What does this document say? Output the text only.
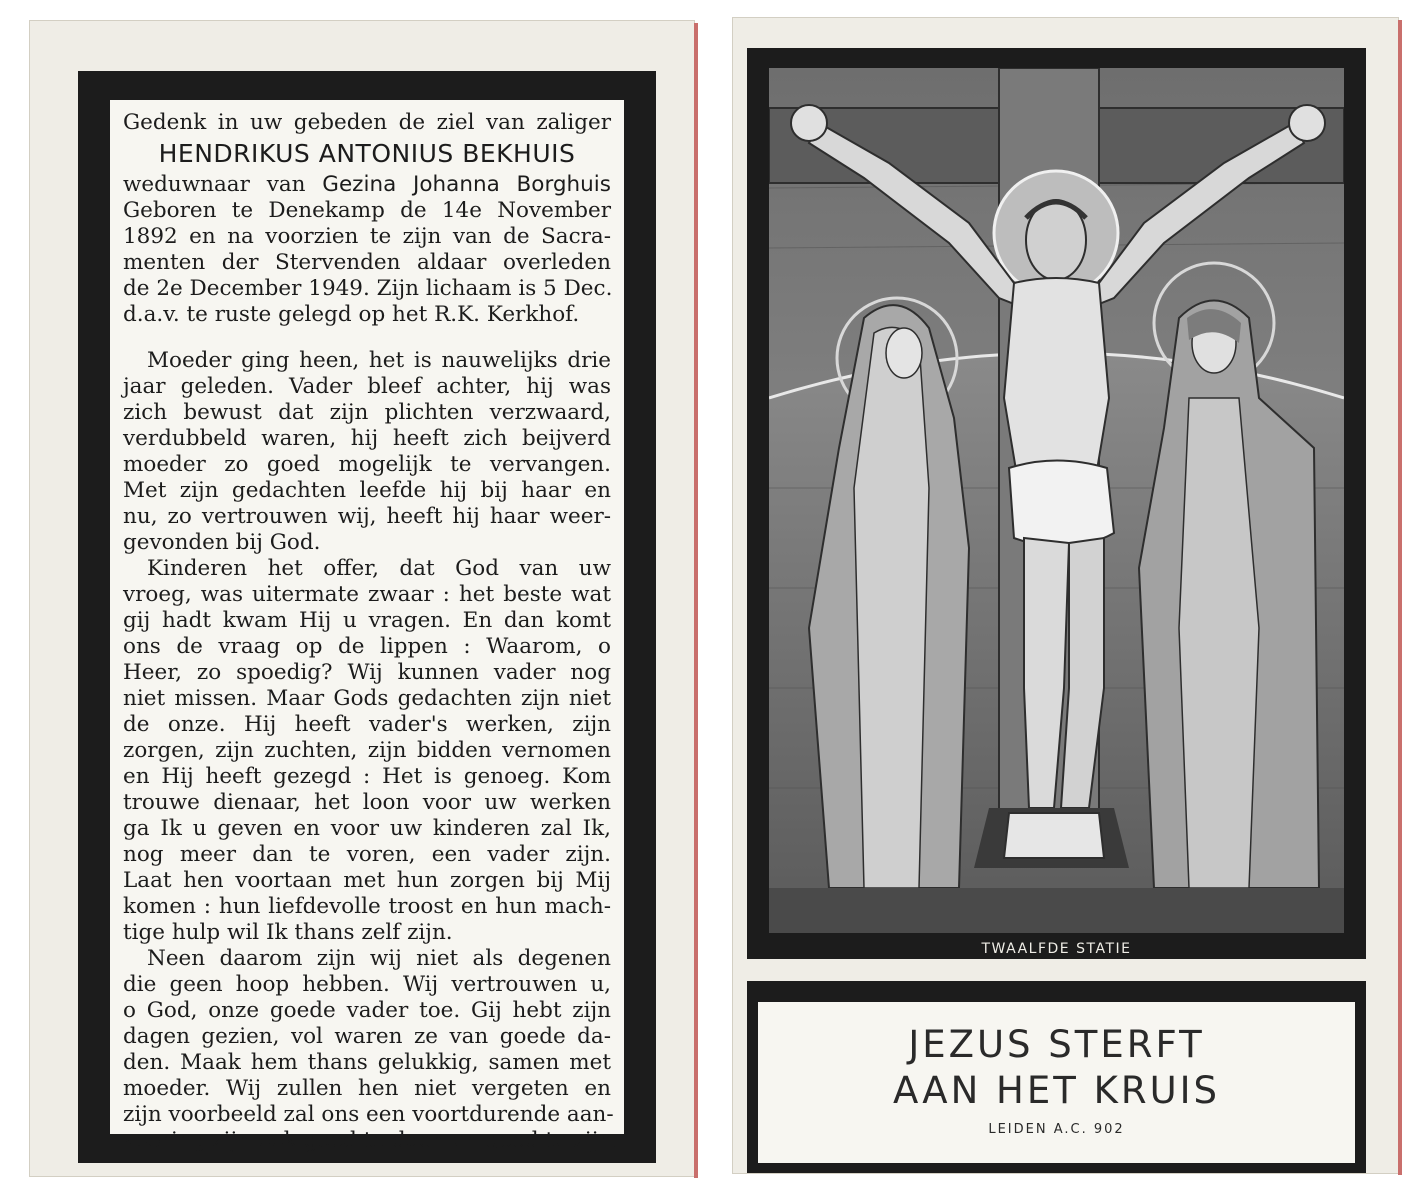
Gedenk in uw gebeden de ziel van zaliger
HENDRIKUS ANTONIUS BEKHUIS
weduwnaar van Gezina Johanna Borghuis
Geboren te Denekamp de 14e November
1892 en na voorzien te zijn van de Sacra-
menten der Stervenden aldaar overleden
de 2e December 1949. Zijn lichaam is 5 Dec.
d.a.v. te ruste gelegd op het R.K. Kerkhof.
Moeder ging heen, het is nauwelijks drie
jaar geleden. Vader bleef achter, hij was
zich bewust dat zijn plichten verzwaard,
verdubbeld waren, hij heeft zich beijverd
moeder zo goed mogelijk te vervangen.
Met zijn gedachten leefde hij bij haar en
nu, zo vertrouwen wij, heeft hij haar weer-
gevonden bij God.
Kinderen het offer, dat God van uw
vroeg, was uitermate zwaar : het beste wat
gij hadt kwam Hij u vragen. En dan komt
ons de vraag op de lippen : Waarom, o
Heer, zo spoedig? Wij kunnen vader nog
niet missen. Maar Gods gedachten zijn niet
de onze. Hij heeft vader's werken, zijn
zorgen, zijn zuchten, zijn bidden vernomen
en Hij heeft gezegd : Het is genoeg. Kom
trouwe dienaar, het loon voor uw werken
ga Ik u geven en voor uw kinderen zal Ik,
nog meer dan te voren, een vader zijn.
Laat hen voortaan met hun zorgen bij Mij
komen : hun liefdevolle troost en hun mach-
tige hulp wil Ik thans zelf zijn.
Neen daarom zijn wij niet als degenen
die geen hoop hebben. Wij vertrouwen u,
o God, onze goede vader toe. Gij hebt zijn
dagen gezien, vol waren ze van goede da-
den. Maak hem thans gelukkig, samen met
moeder. Wij zullen hen niet vergeten en
zijn voorbeeld zal ons een voortdurende aan-
sporing zijn ook goed te doen en goed te zijn.
TWAALFDE STATIE
JEZUS STERFT
AAN HET KRUIS
LEIDEN A.C. 902
